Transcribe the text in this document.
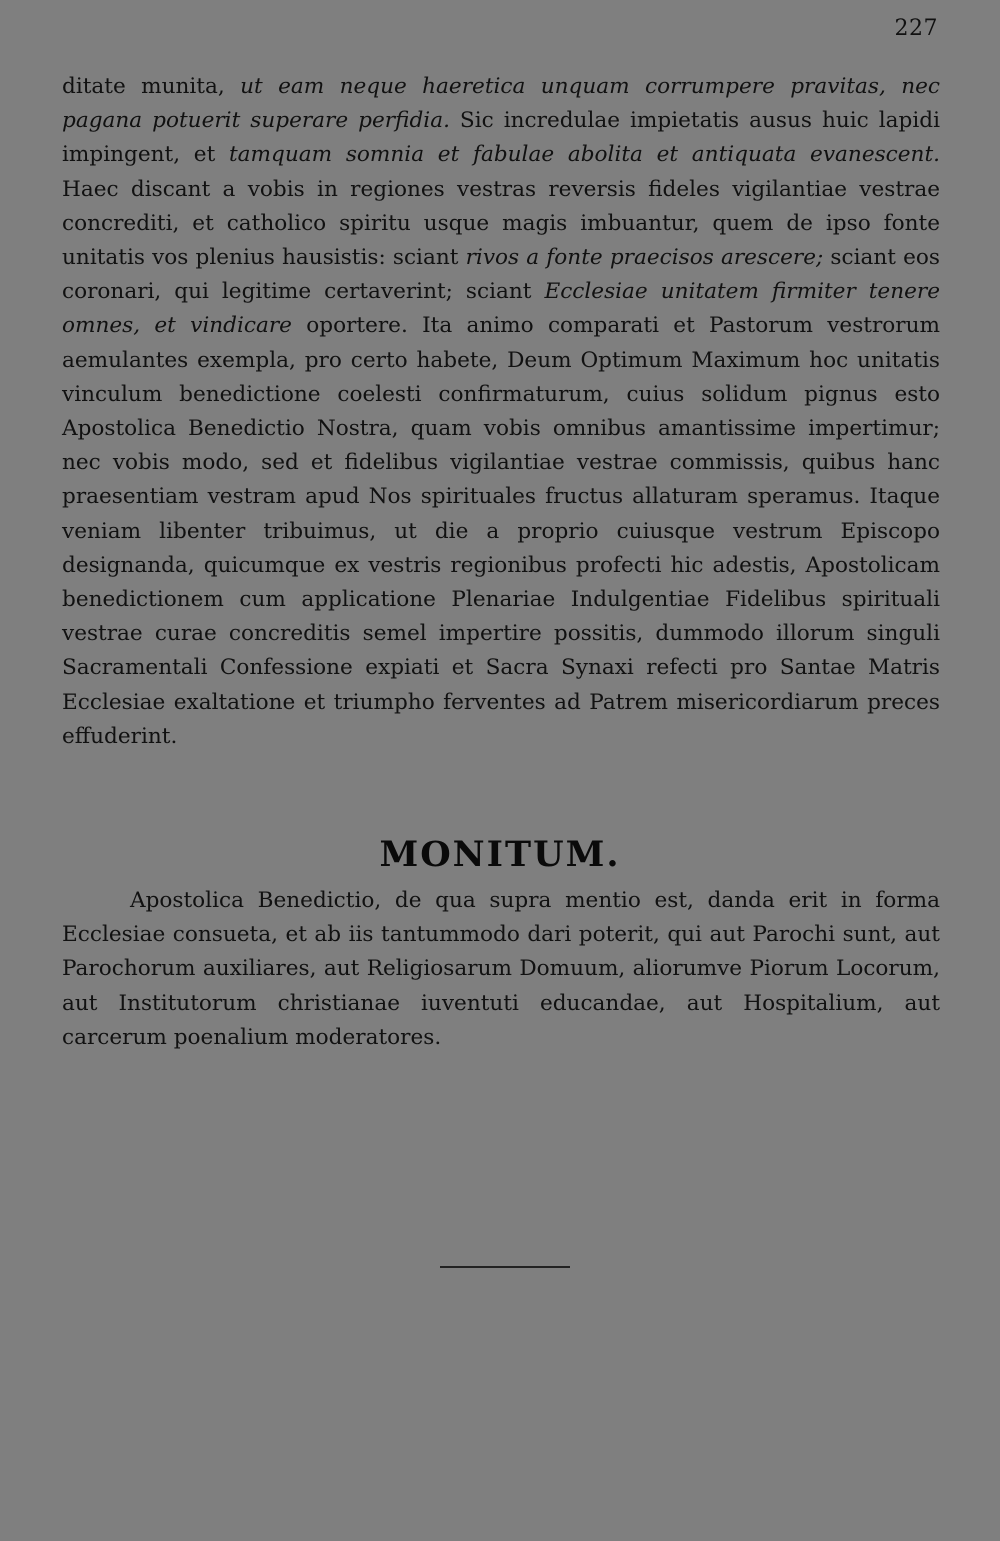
227

ditate munita, ut eam neque haeretica unquam corrumpere pravitas, nec pagana potuerit superare perfidia. Sic incredulae impietatis ausus huic lapidi impingent, et tamquam somnia et fabulae abolita et antiquata evanescent. Haec discant a vobis in regiones vestras reversis fideles vigilantiae vestrae concrediti, et catholico spiritu usque magis imbuantur, quem de ipso fonte unitatis vos plenius hausistis: sciant rivos a fonte praecisos arescere; sciant eos coronari, qui legitime certaverint; sciant Ecclesiae unitatem firmiter tenere omnes, et vindicare oportere. Ita animo comparati et Pastorum vestrorum aemulantes exempla, pro certo habete, Deum Optimum Maximum hoc unitatis vinculum benedictione coelesti confirmaturum, cuius solidum pignus esto Apostolica Benedictio Nostra, quam vobis omnibus amantissime impertimur; nec vobis modo, sed et fidelibus vigilantiae vestrae commissis, quibus hanc praesentiam vestram apud Nos spirituales fructus allaturam speramus. Itaque veniam libenter tribuimus, ut die a proprio cuiusque vestrum Episcopo designanda, quicumque ex vestris regionibus profecti hic adestis, Apostolicam benedictionem cum applicatione Plenariae Indulgentiae Fidelibus spirituali vestrae curae concreditis semel impertire possitis, dummodo illorum singuli Sacramentali Confessione expiati et Sacra Synaxi refecti pro Santae Matris Ecclesiae exaltatione et triumpho ferventes ad Patrem misericordiarum preces effuderint.

MONITUM.

Apostolica Benedictio, de qua supra mentio est, danda erit in forma Ecclesiae consueta, et ab iis tantummodo dari poterit, qui aut Parochi sunt, aut Parochorum auxiliares, aut Religiosarum Domuum, aliorumve Piorum Locorum, aut Institutorum christianae iuventuti educandae, aut Hospitalium, aut carcerum poenalium moderatores.
